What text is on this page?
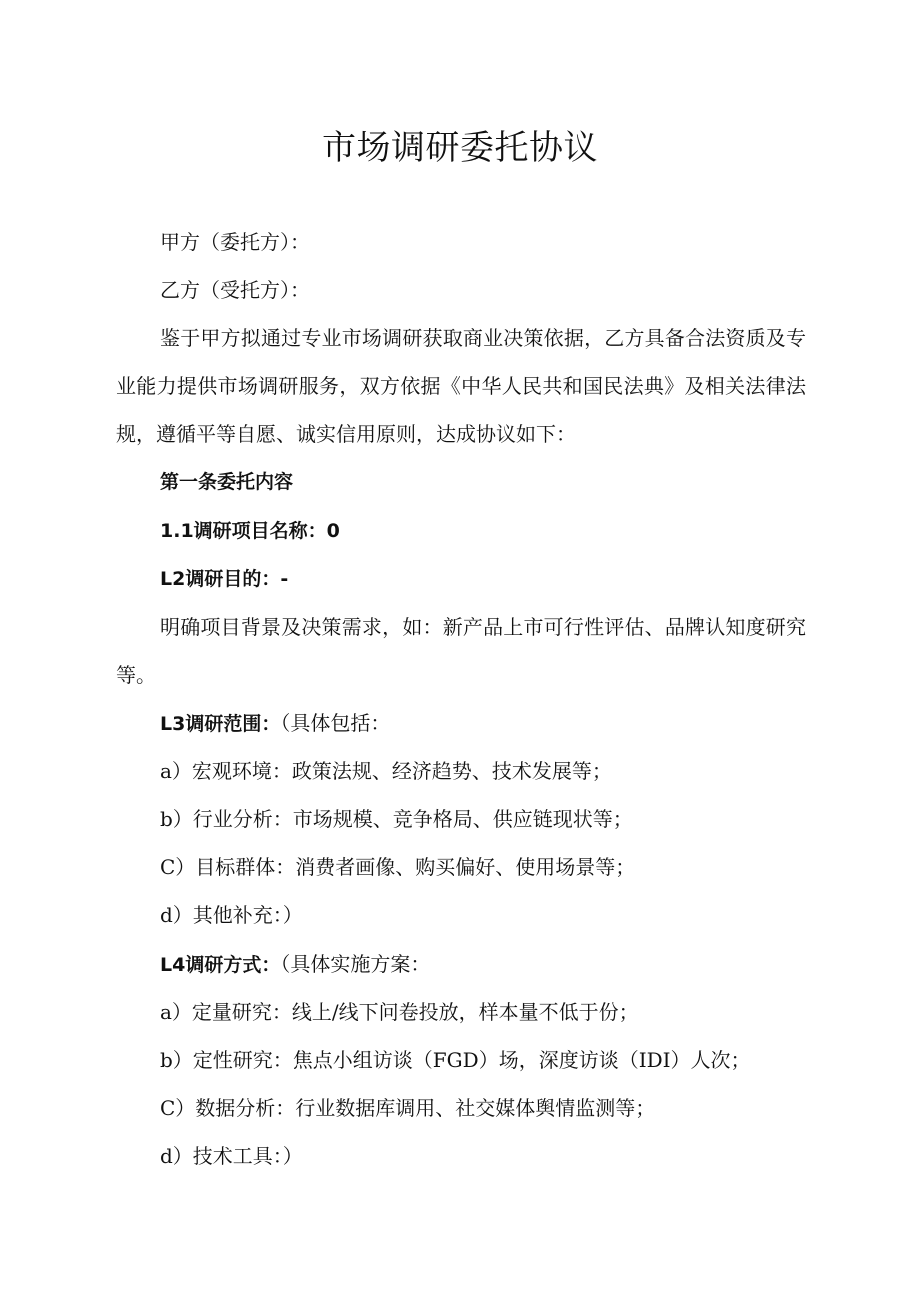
市场调研委托协议

甲方（委托方）：

乙方（受托方）：

鉴于甲方拟通过专业市场调研获取商业决策依据，乙方具备合法资质及专业能力提供市场调研服务，双方依据《中华人民共和国民法典》及相关法律法规，遵循平等自愿、诚实信用原则，达成协议如下：

第一条委托内容

1.1调研项目名称：0

L2调研目的：-

明确项目背景及决策需求，如：新产品上市可行性评估、品牌认知度研究等。

L3调研范围：（具体包括：

a）宏观环境：政策法规、经济趋势、技术发展等；

b）行业分析：市场规模、竞争格局、供应链现状等；

C）目标群体：消费者画像、购买偏好、使用场景等；

d）其他补充：）

L4调研方式：（具体实施方案：

a）定量研究：线上/线下问卷投放，样本量不低于份；

b）定性研究：焦点小组访谈（FGD）场，深度访谈（IDI）人次；

C）数据分析：行业数据库调用、社交媒体舆情监测等；

d）技术工具：）
